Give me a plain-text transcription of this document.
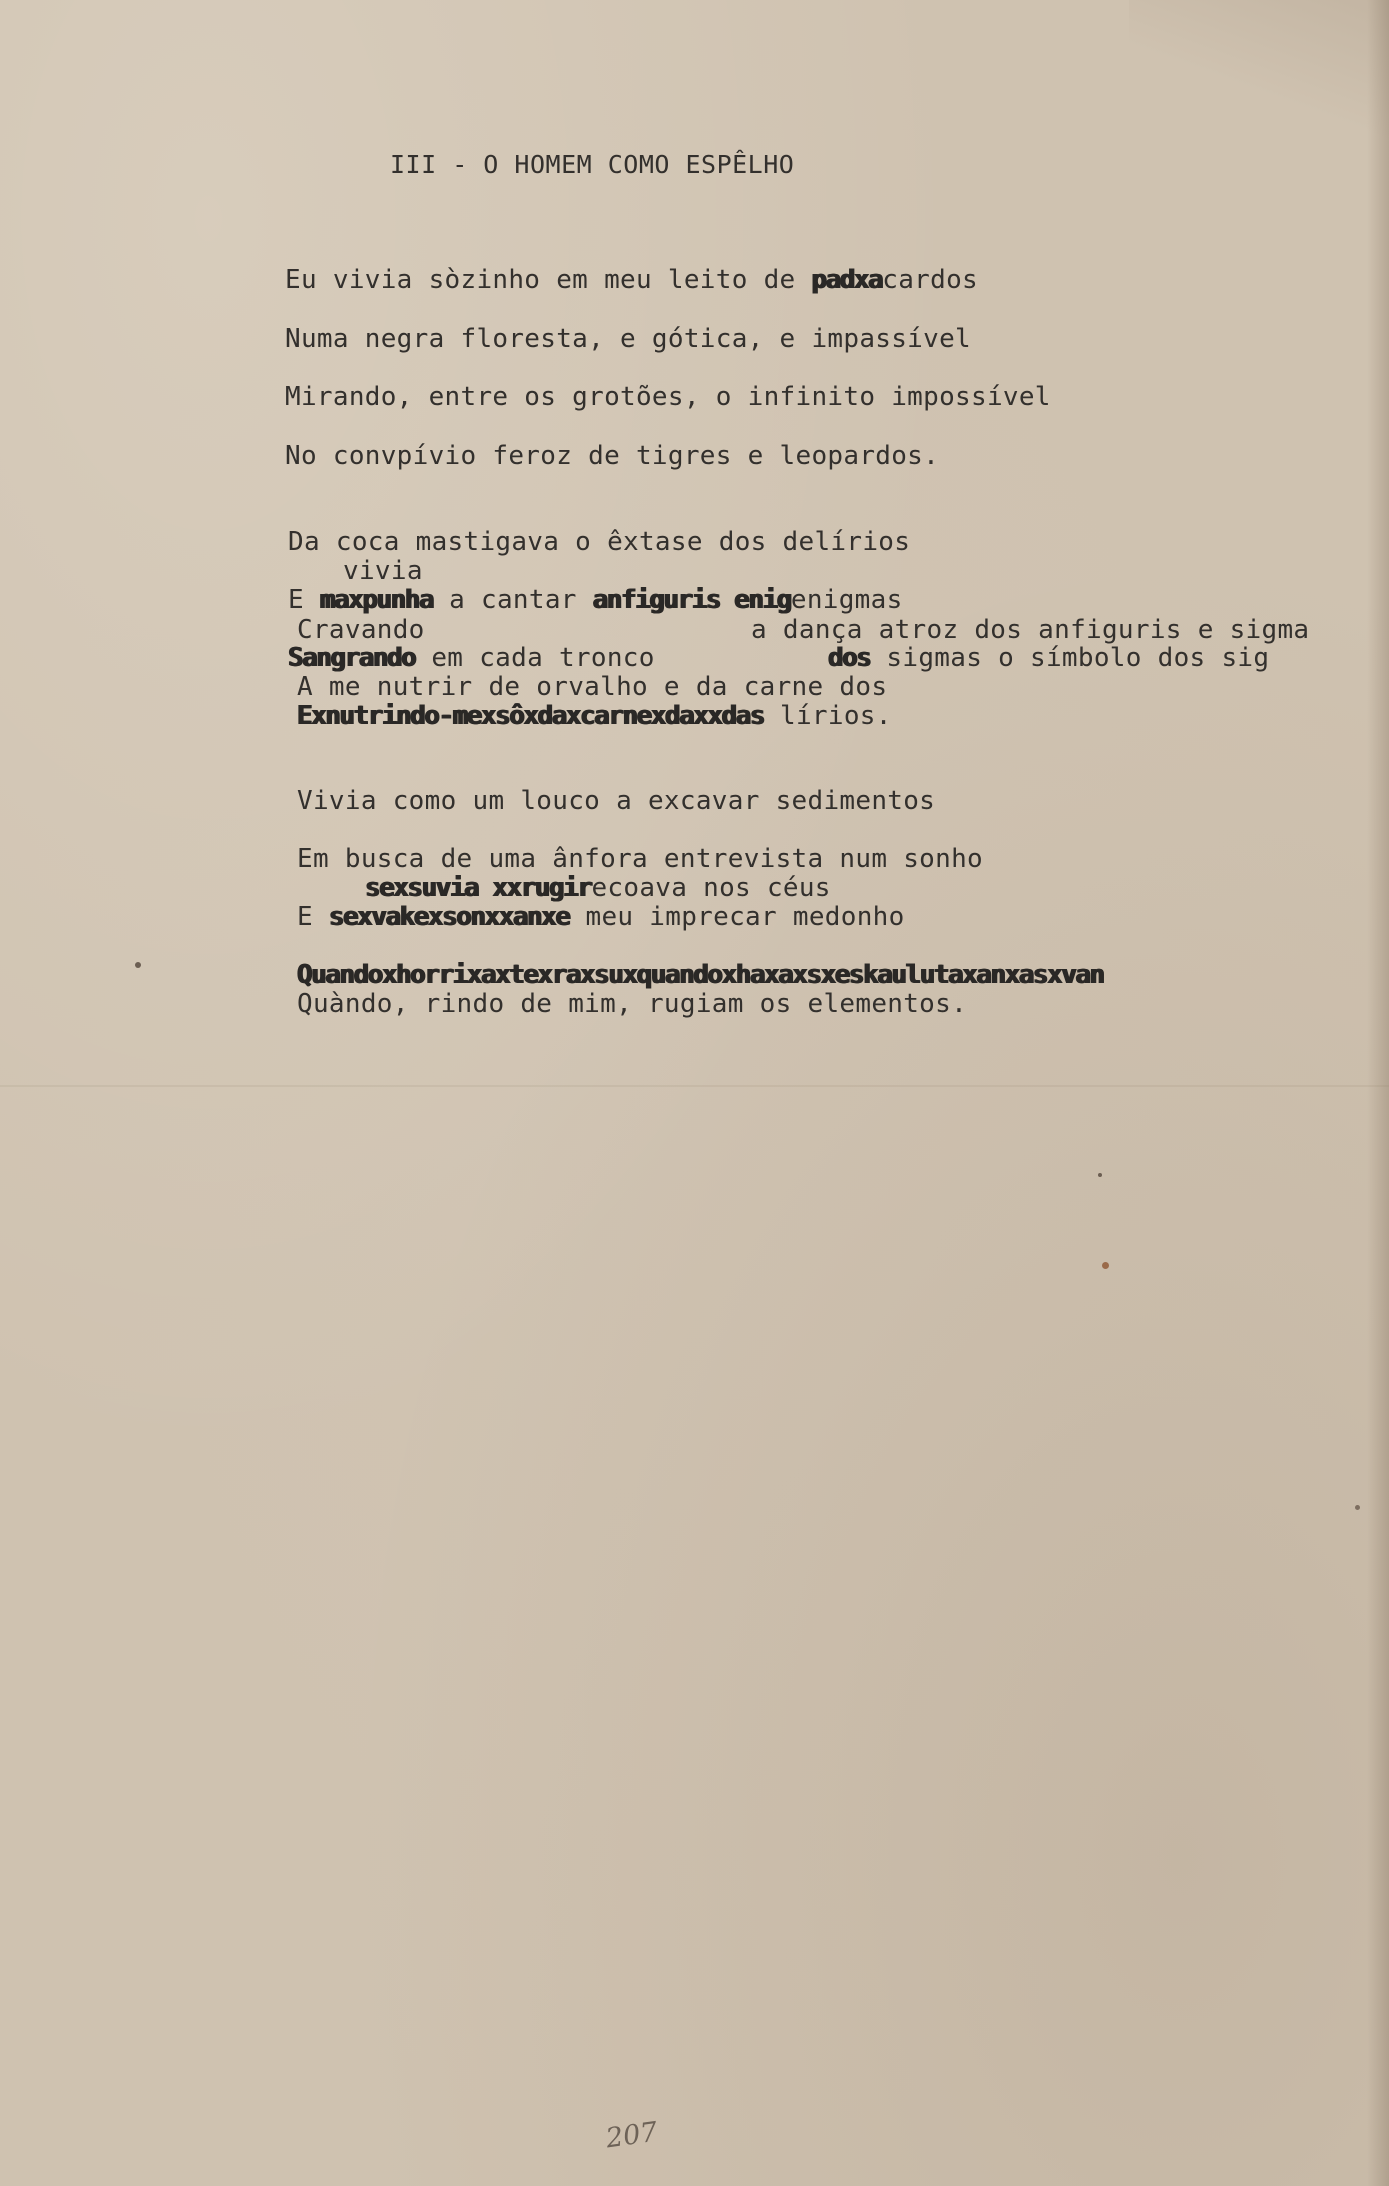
III - O HOMEM COMO ESPÊLHO
Eu vivia sòzinho em meu leito de padxacardos
Numa negra floresta, e gótica, e impassível
Mirando, entre os grotões, o infinito impossível
No convpívio feroz de tigres e leopardos.
Da coca mastigava o êxtase dos delírios
vivia
E maxpunha a cantar anfiguris enigenigmas
Cravando	a dança atroz dos anfiguris e sigma
Sangrando em cada tronco	dos sigmas o símbolo dos sig
A me nutrir de orvalho e da carne dos
Exnutrindo-mexsôxdaxcarnexdaxxdas lírios.
Vivia como um louco a excavar sedimentos
Em busca de uma ânfora entrevista num sonho
sexsuvia xxrugirecoava nos céus
E sexvakexsonxxanxe meu imprecar medonho
Quandoxhorrixaxtexraxsuxquandoxhaxaxsxeskaulutaxanxasxvan
Quàndo, rindo de mim, rugiam os elementos.
207
